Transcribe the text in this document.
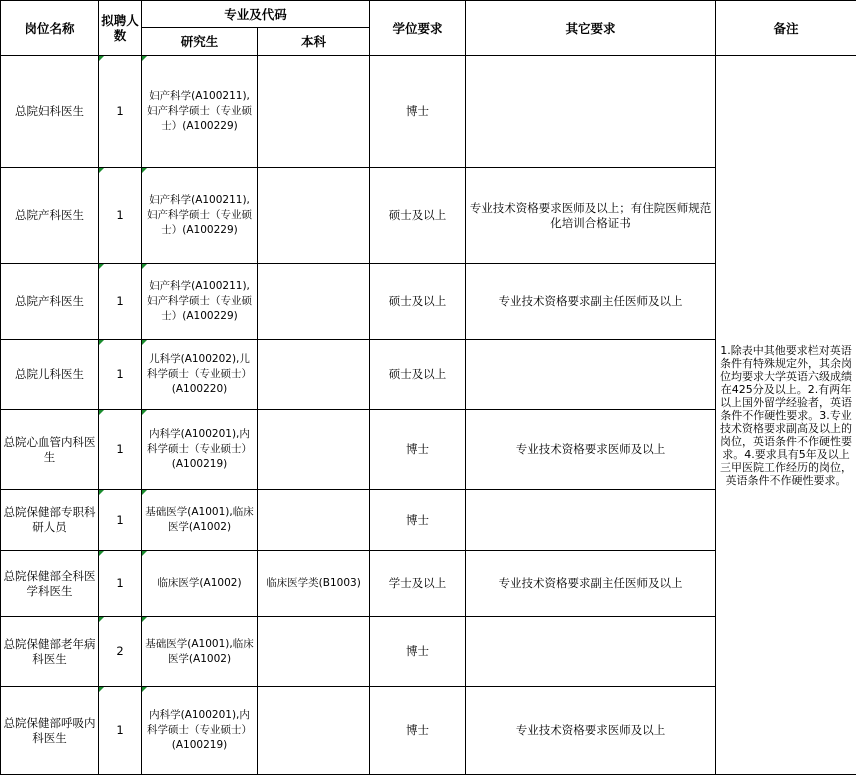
岗位名称	拟聘人数	专业及代码		学位要求	其它要求	备注
		研究生	本科			
总院妇科医生	1	妇产科学(A100211),妇产科学硕士（专业硕士）(A100229)		博士		1.除表中其他要求栏对英语条件有特殊规定外，其余岗位均要求大学英语六级成绩在425分及以上。2.有两年以上国外留学经验者，英语条件不作硬性要求。3.专业技术资格要求副高及以上的岗位，英语条件不作硬性要求。4.要求具有5年及以上三甲医院工作经历的岗位，英语条件不作硬性要求。
总院产科医生	1	妇产科学(A100211),妇产科学硕士（专业硕士）(A100229)		硕士及以上	专业技术资格要求医师及以上；有住院医师规范化培训合格证书	
总院产科医生	1	妇产科学(A100211),妇产科学硕士（专业硕士）(A100229)		硕士及以上	专业技术资格要求副主任医师及以上	
总院儿科医生	1	儿科学(A100202),儿科学硕士（专业硕士）(A100220)		硕士及以上		
总院心血管内科医生	1	内科学(A100201),内科学硕士（专业硕士）(A100219)		博士	专业技术资格要求医师及以上	
总院保健部专职科研人员	1	基础医学(A1001),临床医学(A1002)		博士		
总院保健部全科医学科医生	1	临床医学(A1002)	临床医学类(B1003)	学士及以上	专业技术资格要求副主任医师及以上	
总院保健部老年病科医生	2	基础医学(A1001),临床医学(A1002)		博士		
总院保健部呼吸内科医生	1	内科学(A100201),内科学硕士（专业硕士）(A100219)		博士	专业技术资格要求医师及以上	
